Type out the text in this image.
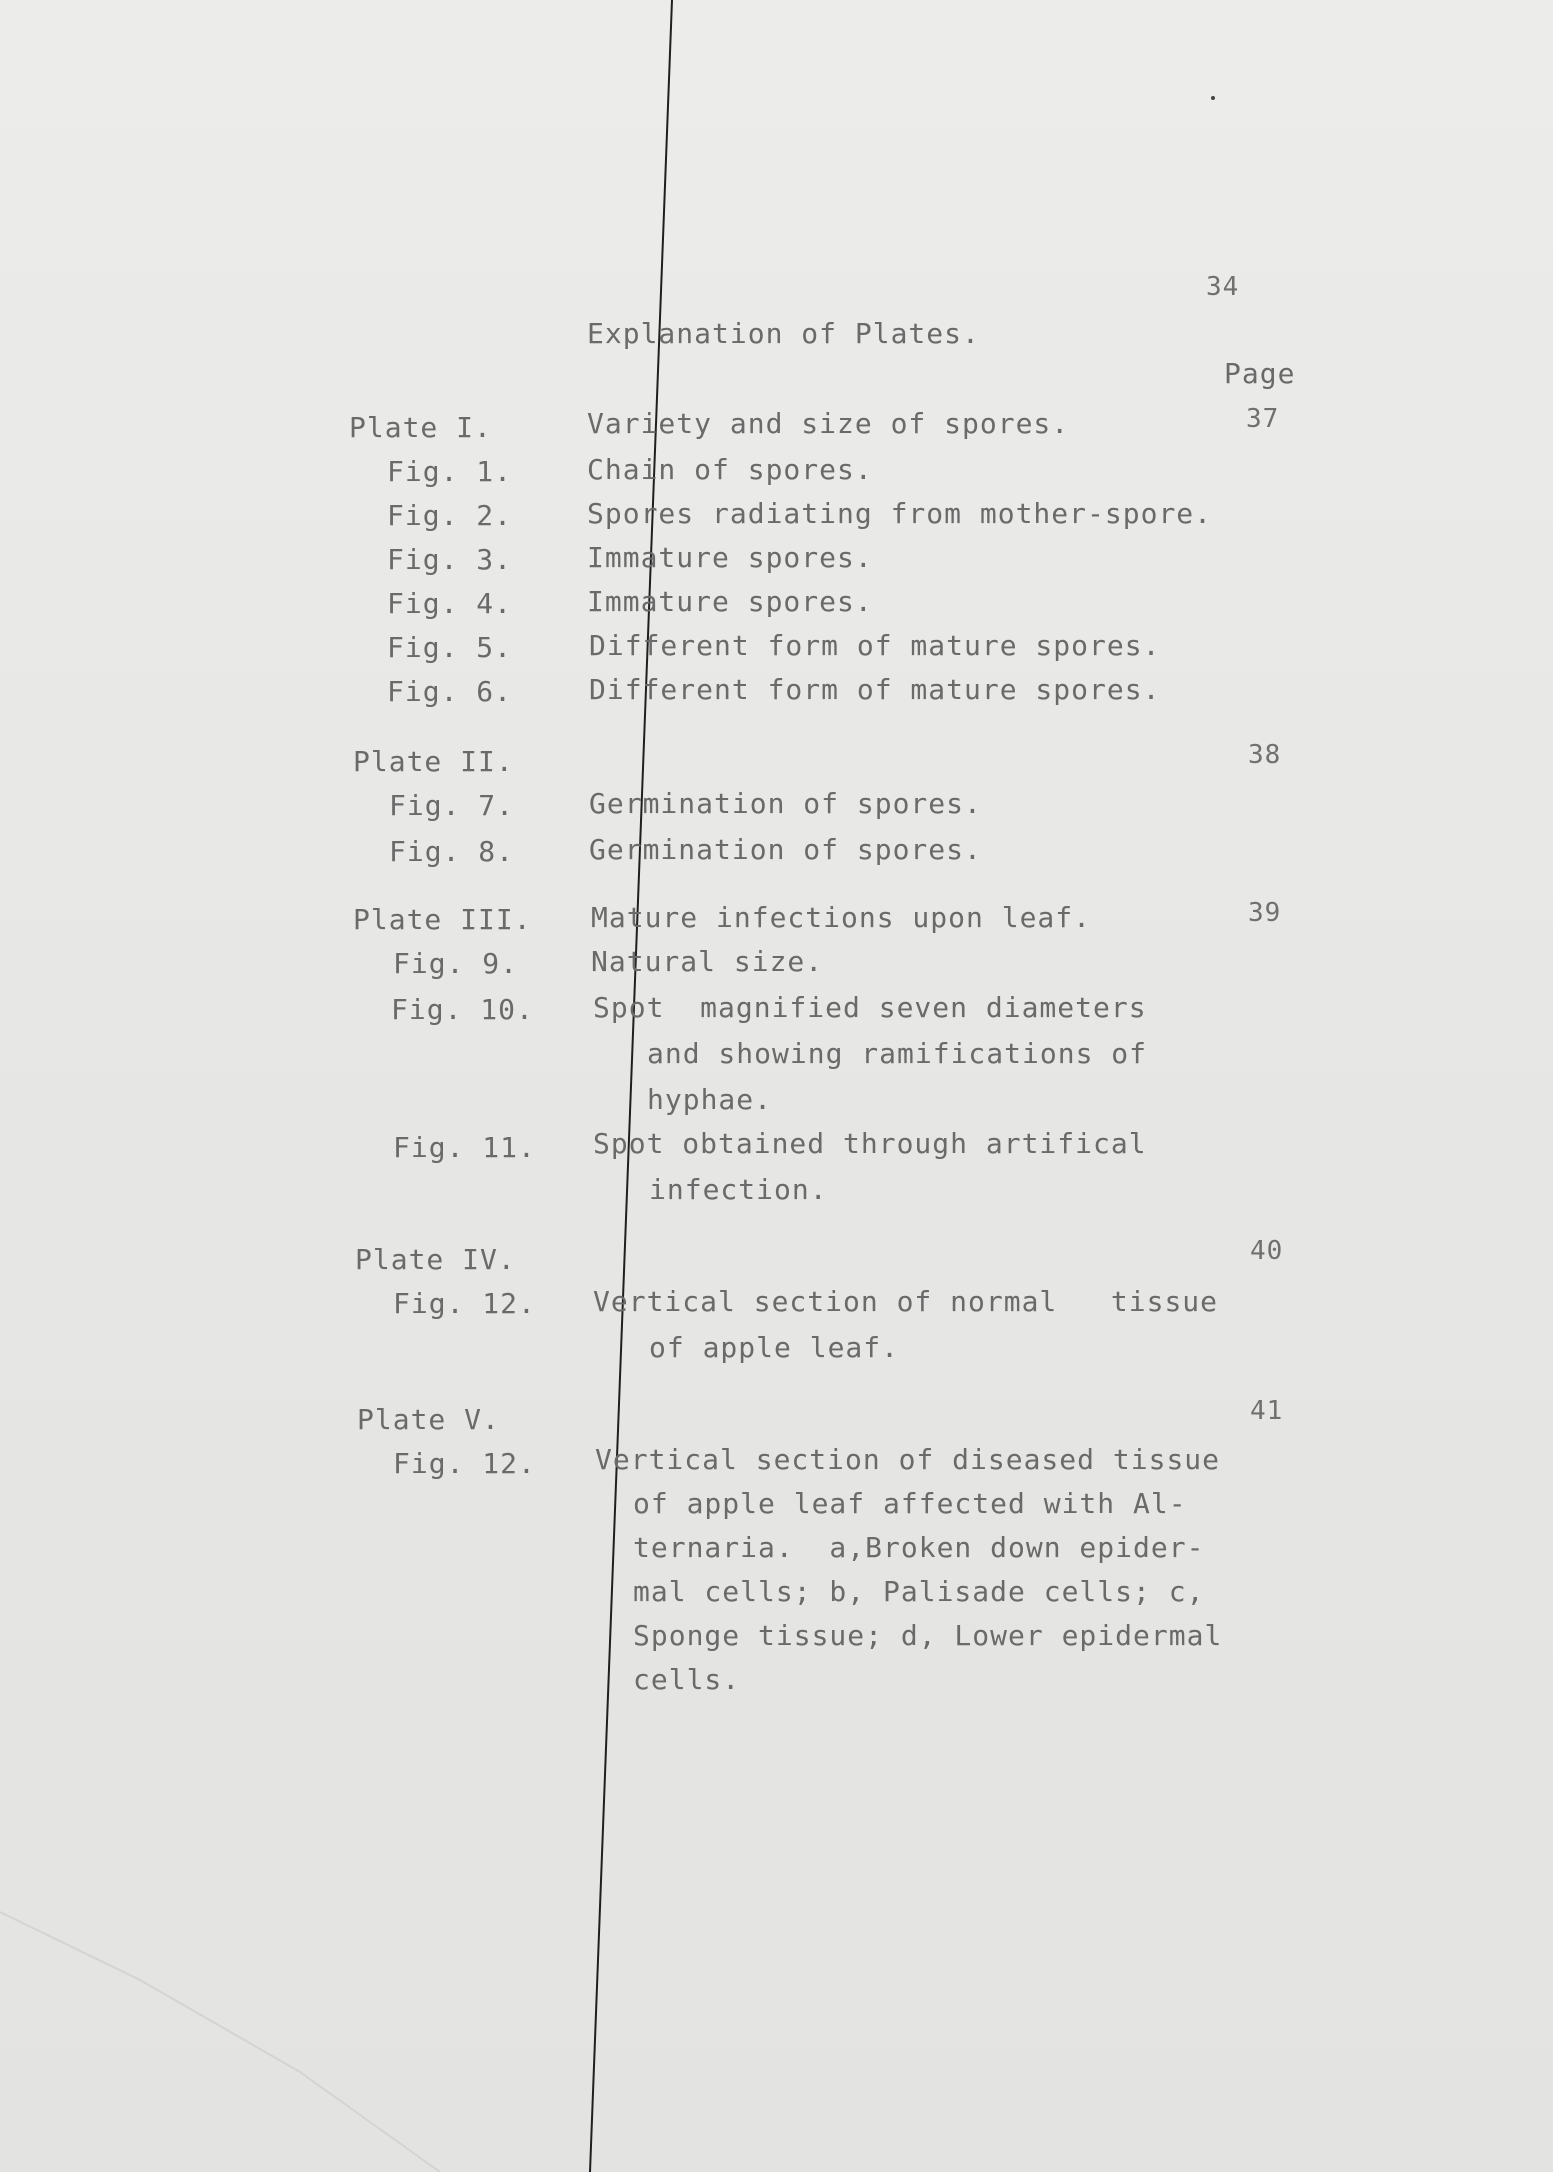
34
Explanation of Plates.
Page
Plate I.	Variety and size of spores.	37
Fig. 1.	Chain of spores.
Fig. 2.	Spores radiating from mother-spore.
Fig. 3.	Immature spores.
Fig. 4.	Immature spores.
Fig. 5.	Different form of mature spores.
Fig. 6.	Different form of mature spores.
Plate II.	38
Fig. 7.	Germination of spores.
Fig. 8.	Germination of spores.
Plate III. Mature infections upon leaf.	39
Fig. 9.	Natural size.
Fig. 10. Spot  magnified seven diameters
and showing ramifications of
hyphae.
Fig. 11. Spot obtained through artifical
infection.
Plate IV.	40
Fig. 12. Vertical section of normal   tissue
of apple leaf.
Plate V.	41
Fig. 12. Vertical section of diseased tissue
of apple leaf affected with Al-
ternaria.  a,Broken down epider-
mal cells; b, Palisade cells; c,
Sponge tissue; d, Lower epidermal
cells.
